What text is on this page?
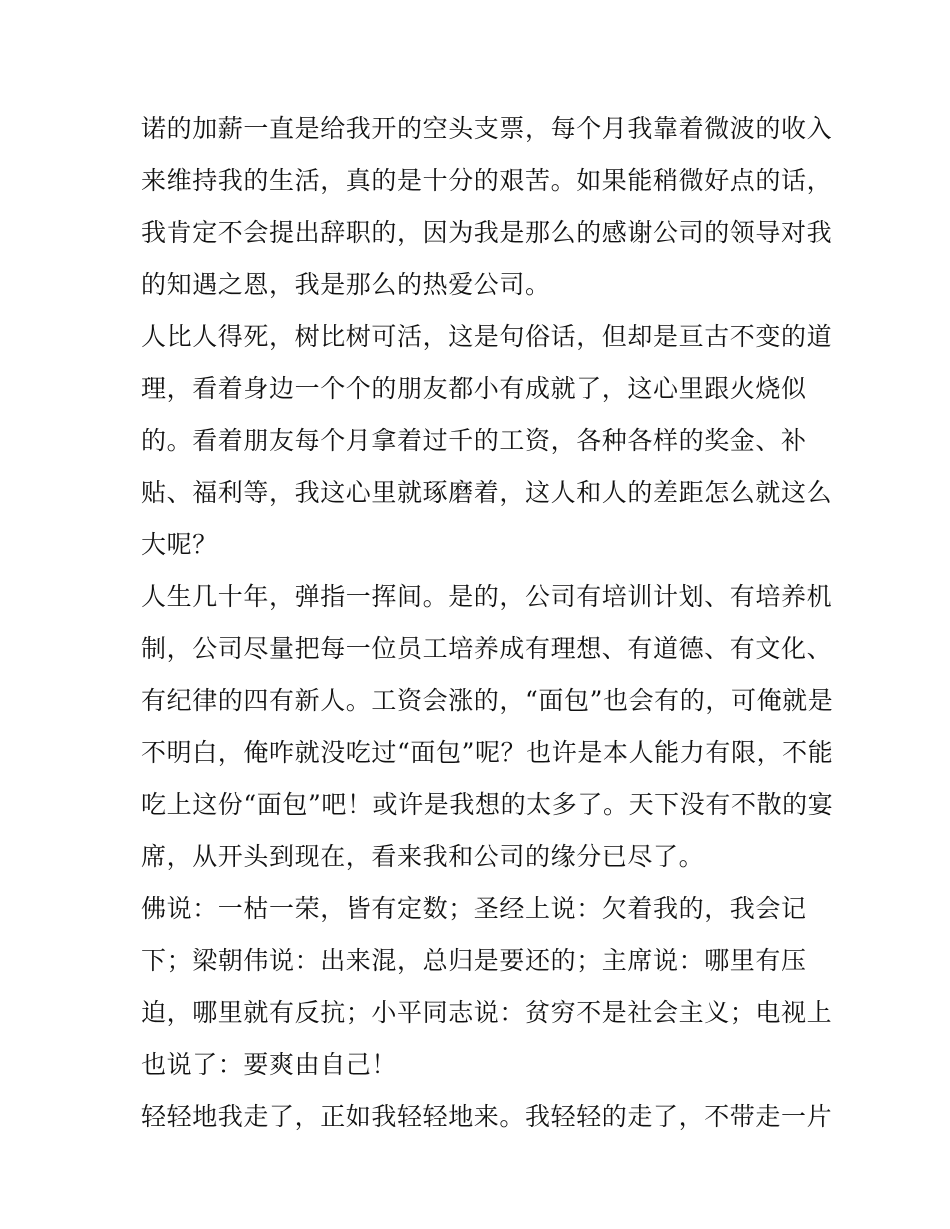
诺的加薪一直是给我开的空头支票，每个月我靠着微波的收入
来维持我的生活，真的是十分的艰苦。如果能稍微好点的话，
我肯定不会提出辞职的，因为我是那么的感谢公司的领导对我
的知遇之恩，我是那么的热爱公司。
人比人得死，树比树可活，这是句俗话，但却是亘古不变的道
理，看着身边一个个的朋友都小有成就了，这心里跟火烧似
的。看着朋友每个月拿着过千的工资，各种各样的奖金、补
贴、福利等，我这心里就琢磨着，这人和人的差距怎么就这么
大呢？
人生几十年，弹指一挥间。是的，公司有培训计划、有培养机
制，公司尽量把每一位员工培养成有理想、有道德、有文化、
有纪律的四有新人。工资会涨的，“面包”也会有的，可俺就是
不明白，俺咋就没吃过“面包”呢？也许是本人能力有限，不能
吃上这份“面包”吧！或许是我想的太多了。天下没有不散的宴
席，从开头到现在，看来我和公司的缘分已尽了。
佛说：一枯一荣，皆有定数；圣经上说：欠着我的，我会记
下；梁朝伟说：出来混，总归是要还的；主席说：哪里有压
迫，哪里就有反抗；小平同志说：贫穷不是社会主义；电视上
也说了：要爽由自己！
轻轻地我走了，正如我轻轻地来。我轻轻的走了，不带走一片
